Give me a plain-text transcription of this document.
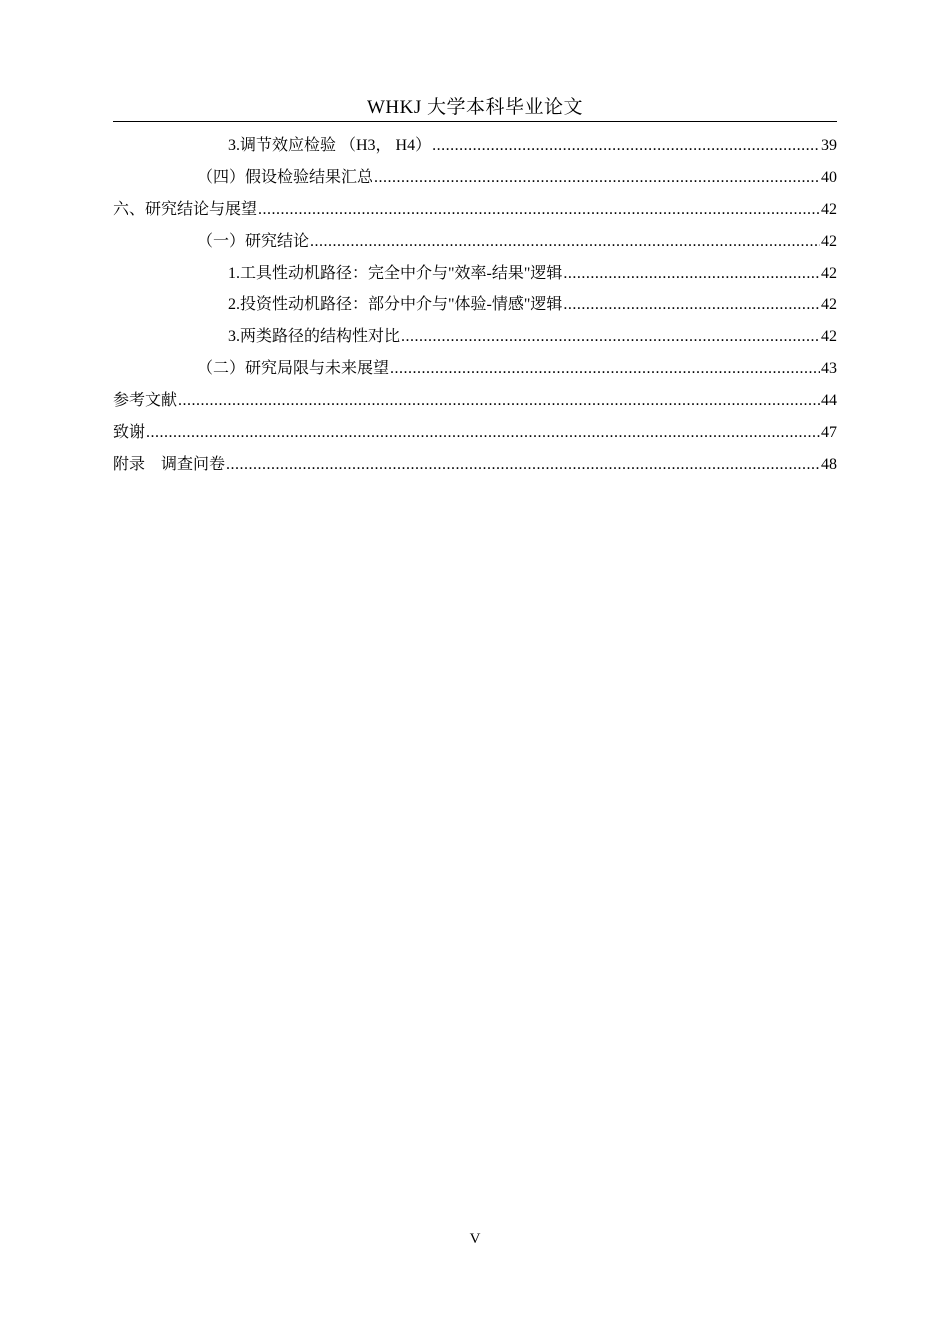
WHKJ 大学本科毕业论文
3.调节效应检验 （H3， H4） .....	39
（四）假设检验结果汇总 .....	40
六、研究结论与展望 .....	42
（一）研究结论 .....	42
1.工具性动机路径：完全中介与"效率-结果"逻辑 .....	42
2.投资性动机路径：部分中介与"体验-情感"逻辑 .....	42
3.两类路径的结构性对比 .....	42
（二）研究局限与未来展望 .....	43
参考文献 .....	44
致谢 .....	47
附录　调查问卷 .....	48
V
